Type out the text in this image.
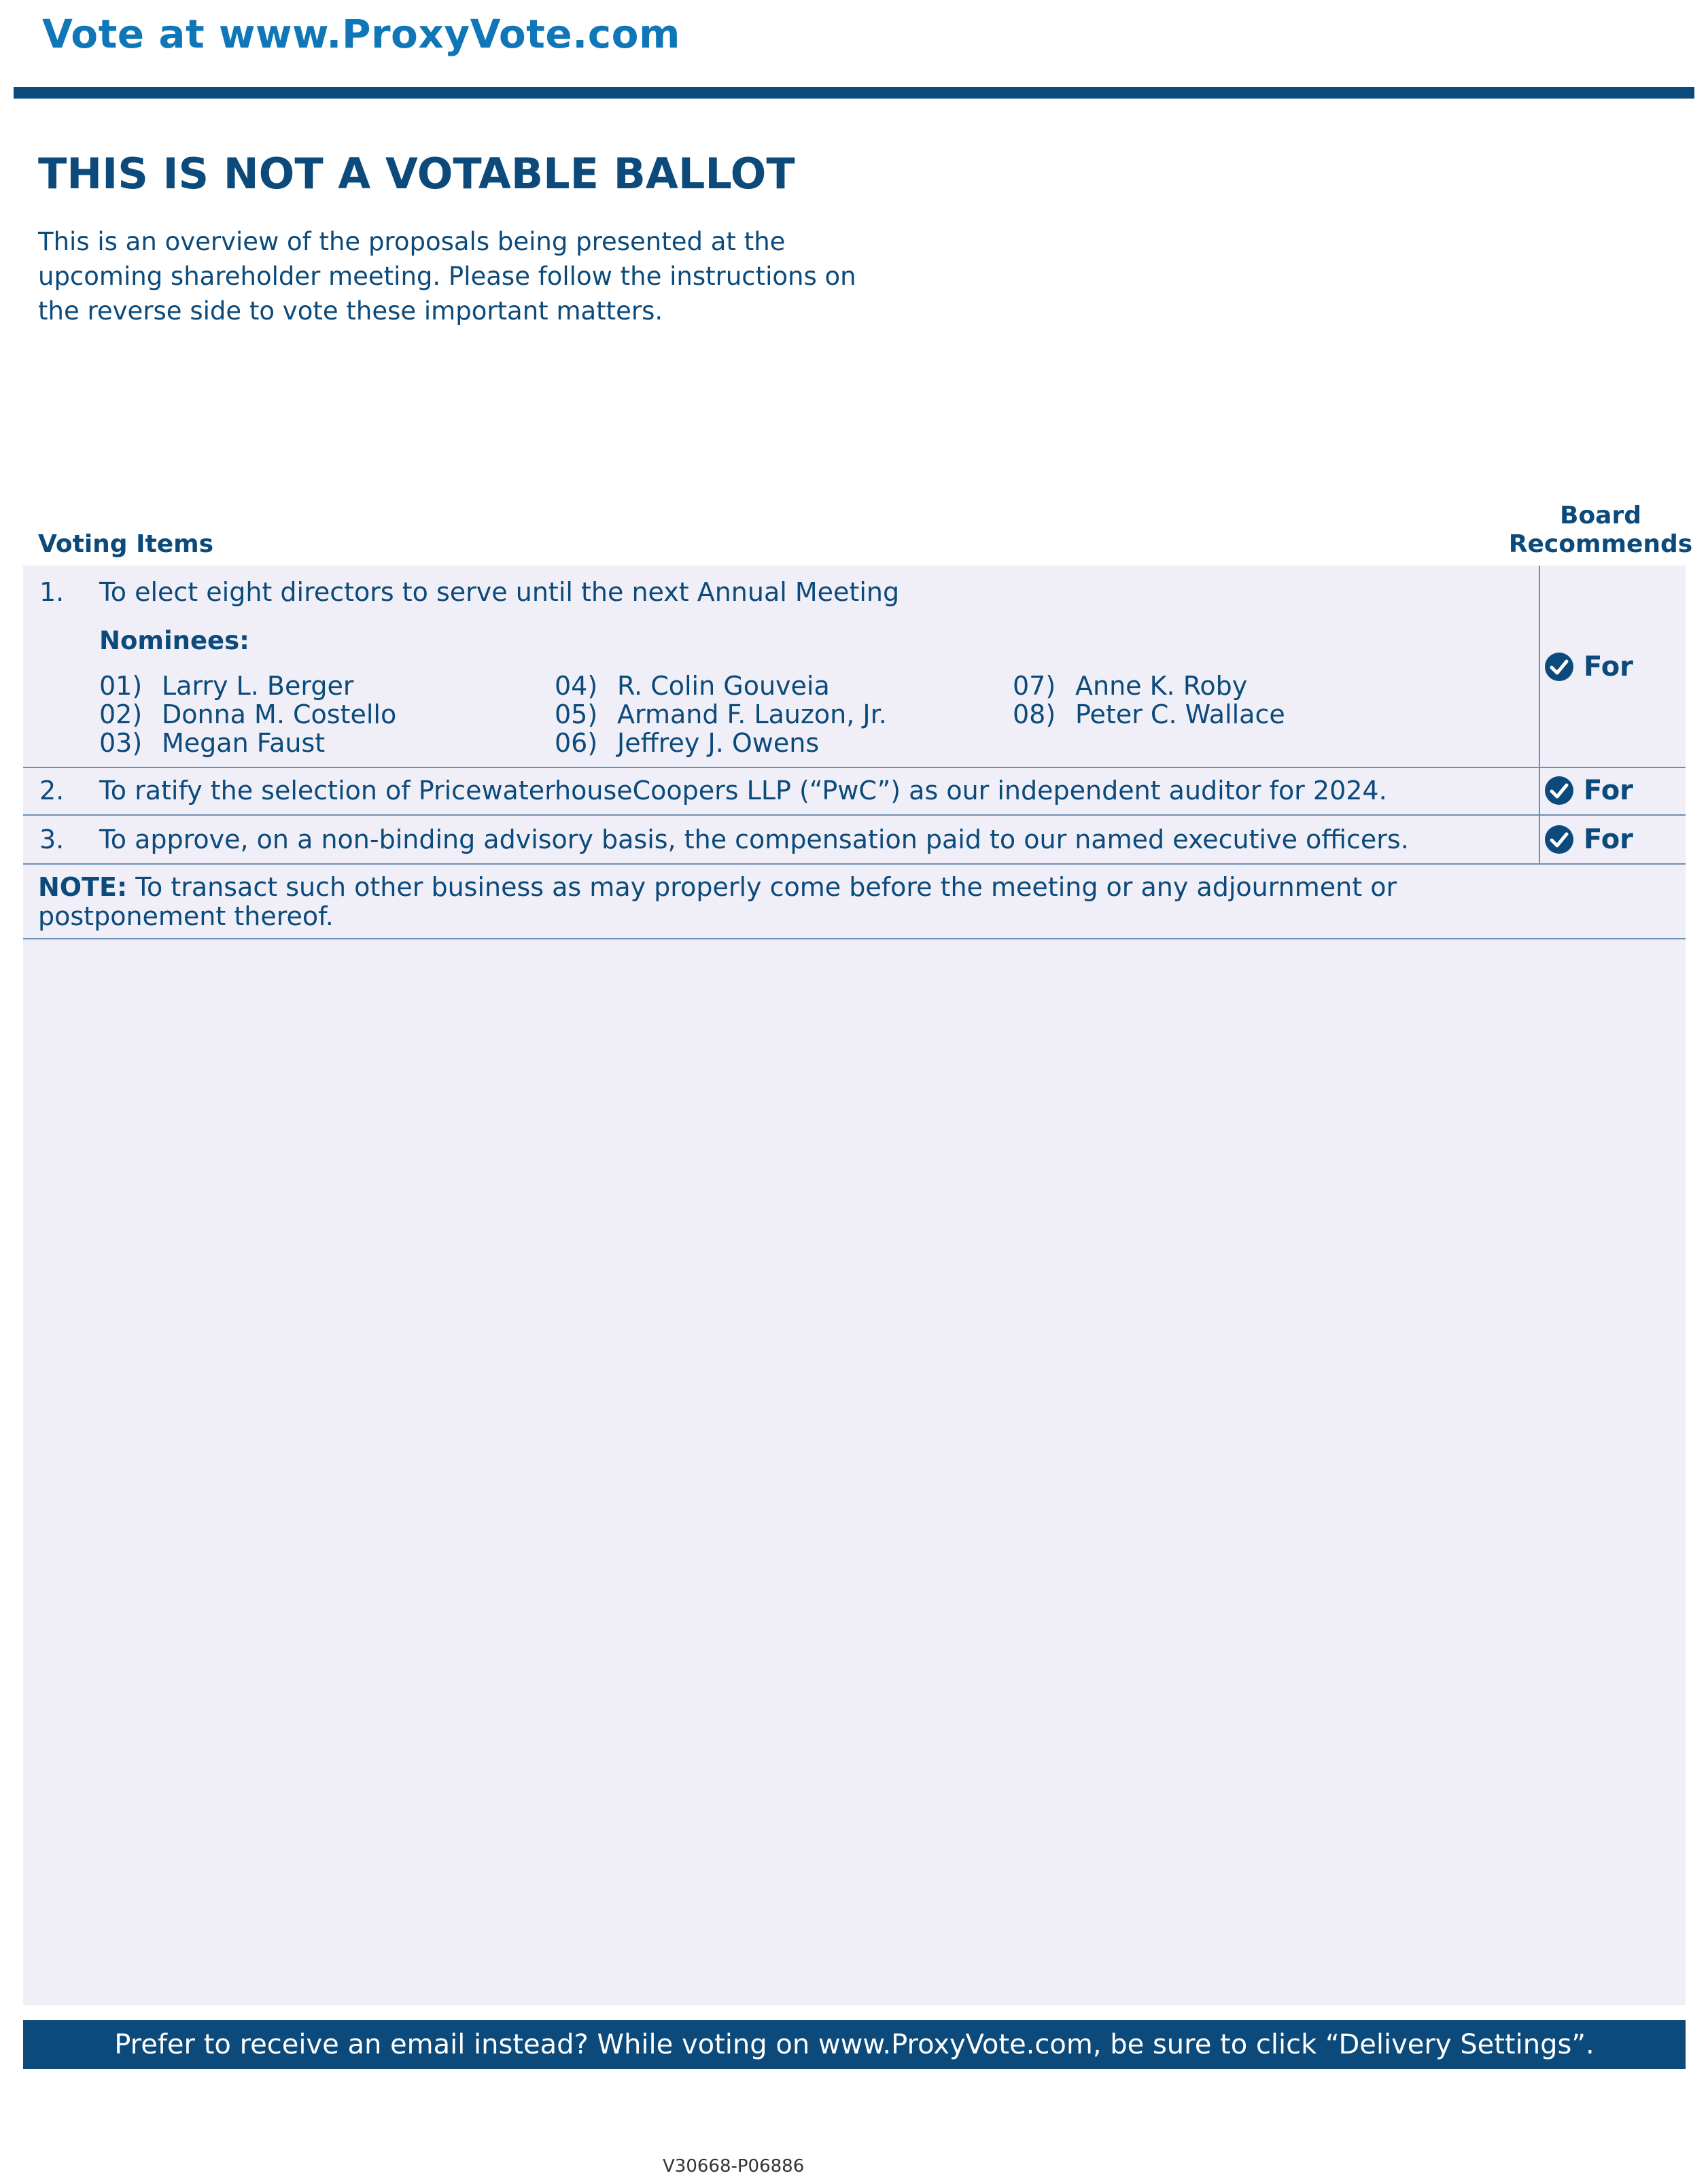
Vote at www.ProxyVote.com
THIS IS NOT A VOTABLE BALLOT
This is an overview of the proposals being presented at the upcoming shareholder meeting. Please follow the instructions on the reverse side to vote these important matters.
Voting Items
Board
Recommends
1. To elect eight directors to serve until the next Annual Meeting
Nominees:
01) Larry L. Berger
02) Donna M. Costello
03) Megan Faust
04) R. Colin Gouveia
05) Armand F. Lauzon, Jr.
06) Jeffrey J. Owens
07) Anne K. Roby
08) Peter C. Wallace
For
2. To ratify the selection of PricewaterhouseCoopers LLP (“PwC”) as our independent auditor for 2024.	For
3. To approve, on a non-binding advisory basis, the compensation paid to our named executive officers.	For
NOTE: To transact such other business as may properly come before the meeting or any adjournment or postponement thereof.
Prefer to receive an email instead? While voting on www.ProxyVote.com, be sure to click “Delivery Settings”.
V30668-P06886
